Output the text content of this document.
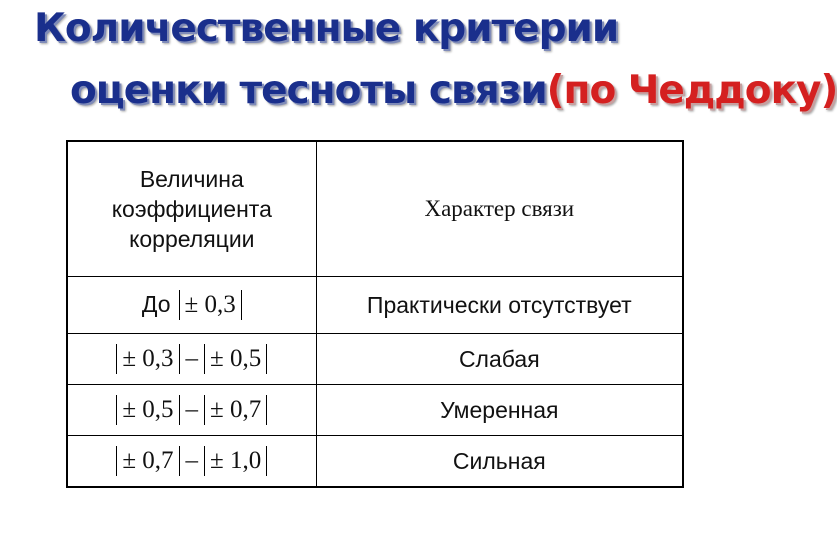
Количественные критерии
оценки тесноты связи(по Чеддоку)
Величина коэффициента корреляции	Характер связи
До ± 0,3	Практически отсутствует
± 0,3 – ± 0,5	Слабая
± 0,5 – ± 0,7	Умеренная
± 0,7 – ± 1,0	Сильная
